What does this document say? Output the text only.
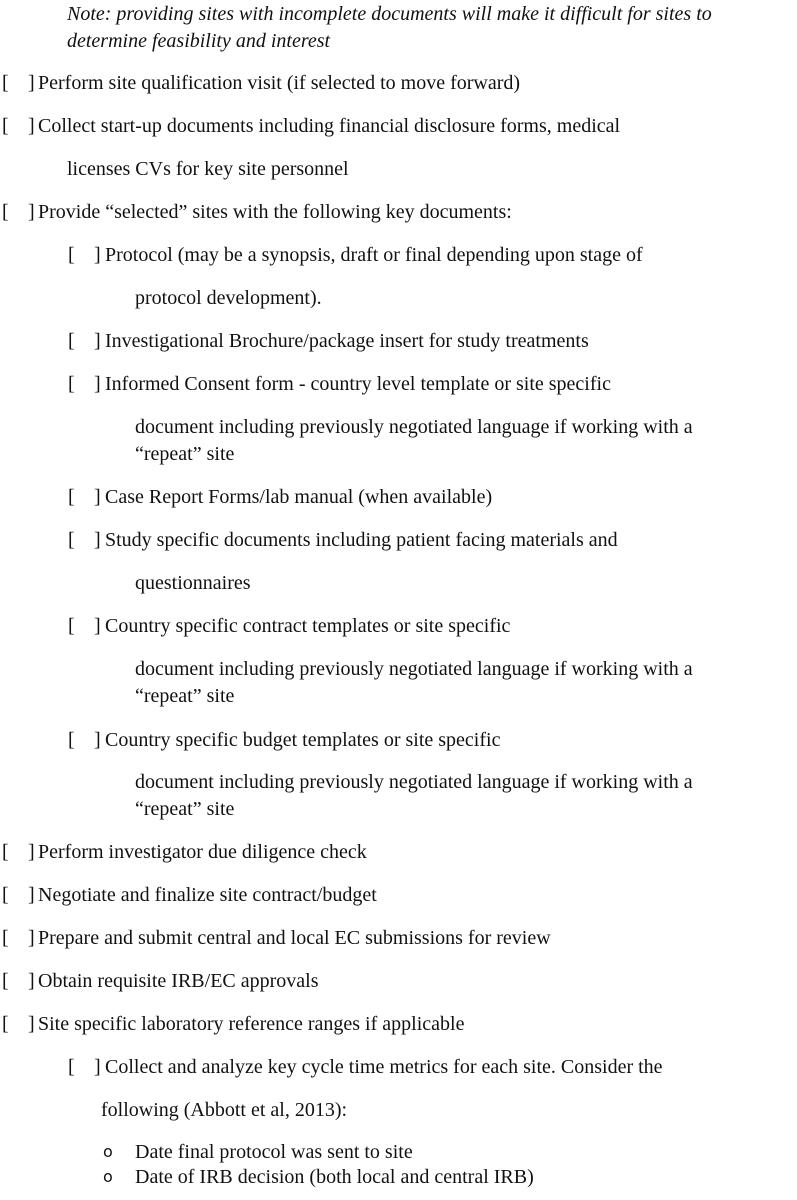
Note: providing sites with incomplete documents will make it difficult for sites to
determine feasibility and interest
[ ] Perform site qualification visit (if selected to move forward)
[ ] Collect start-up documents including financial disclosure forms, medical
licenses CVs for key site personnel
[ ] Provide “selected” sites with the following key documents:
[ ] Protocol (may be a synopsis, draft or final depending upon stage of
protocol development).
[ ] Investigational Brochure/package insert for study treatments
[ ] Informed Consent form - country level template or site specific
document including previously negotiated language if working with a
“repeat” site
[ ] Case Report Forms/lab manual (when available)
[ ] Study specific documents including patient facing materials and
questionnaires
[ ] Country specific contract templates or site specific
document including previously negotiated language if working with a
“repeat” site
[ ] Country specific budget templates or site specific
document including previously negotiated language if working with a
“repeat” site
[ ] Perform investigator due diligence check
[ ] Negotiate and finalize site contract/budget
[ ] Prepare and submit central and local EC submissions for review
[ ] Obtain requisite IRB/EC approvals
[ ] Site specific laboratory reference ranges if applicable
[ ] Collect and analyze key cycle time metrics for each site. Consider the
following (Abbott et al, 2013):
o Date final protocol was sent to site
o Date of IRB decision (both local and central IRB)
